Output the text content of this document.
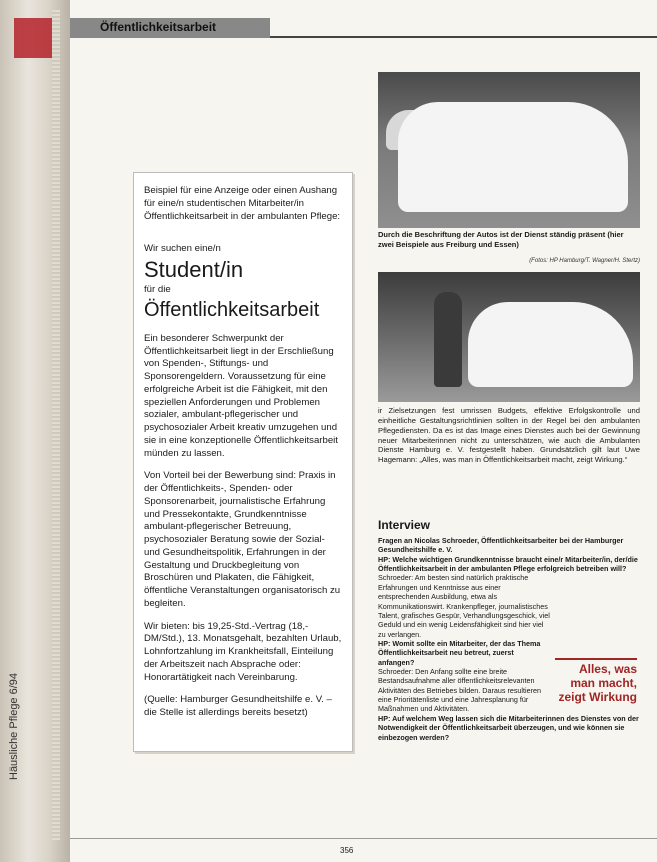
Häusliche Pflege 6/94
Öffentlichkeitsarbeit

Beispiel für eine Anzeige oder einen Aushang für eine/n studentischen Mitarbeiter/in Öffentlichkeitsarbeit in der ambulanten Pflege:

Wir suchen eine/n

Student/in

für die

Öffentlichkeitsarbeit

Ein besonderer Schwerpunkt der Öffentlichkeitsarbeit liegt in der Erschließung von Spenden-, Stiftungs- und Sponsorengeldern. Voraussetzung für eine erfolgreiche Arbeit ist die Fähigkeit, mit den speziellen Anforderungen und Problemen sozialer, ambulant-pflegerischer und psychosozialer Arbeit kreativ umzugehen und sie in eine konzeptionelle Öffentlichkeitsarbeit münden zu lassen.

Von Vorteil bei der Bewerbung sind: Praxis in der Öffentlichkeits-, Spenden- oder Sponsorenarbeit, journalistische Erfahrung und Pressekontakte, Grundkenntnisse ambulant-pflegerischer Betreuung, psychosozialer Beratung sowie der Sozial- und Gesundheitspolitik, Erfahrungen in der Gestaltung und Druckbegleitung von Broschüren und Plakaten, die Fähigkeit, öffentliche Veranstaltungen organisatorisch zu begleiten.

Wir bieten: bis 19,25-Std.-Vertrag (18,- DM/Std.), 13. Monatsgehalt, bezahlten Urlaub, Lohnfortzahlung im Krankheitsfall, Einteilung der Arbeitszeit nach Absprache oder: Honorartätigkeit nach Vereinbarung.

(Quelle: Hamburger Gesundheitshilfe e. V. – die Stelle ist allerdings bereits besetzt)

Durch die Beschriftung der Autos ist der Dienst ständig präsent (hier zwei Beispiele aus Freiburg und Essen)
(Fotos: HP Hamburg/T. Wagner/H. Stertz)
ir Zielsetzungen fest umrissen Budgets, effektive Erfolgskontrolle und einheitliche Gestaltungsrichtlinien sollten in der Regel bei den ambulanten Pflegediensten. Da es ist das Image eines Dienstes auch bei der Gewinnung neuer Mitarbeiterinnen nicht zu unterschätzen, wie auch die Ambulanten Dienste Hamburg e. V. festgestellt haben. Grundsätzlich gilt laut Uwe Hagemann: „Alles, was man in Öffentlichkeitsarbeit macht, zeigt Wirkung.“
Interview

Fragen an Nicolas Schroeder, Öffentlichkeitsarbeiter bei der Hamburger Gesundheitshilfe e. V.

HP: Welche wichtigen Grundkenntnisse braucht eine/r Mitarbeiter/in, der/die Öffentlichkeitsarbeit in der ambulanten Pflege erfolgreich betreiben will?

Schroeder: Am besten sind natürlich praktische Erfahrungen und Kenntnisse aus einer entsprechenden Ausbildung, etwa als Kommunikationswirt. Krankenpfleger, journalistisches Talent, grafisches Gespür, Verhandlungsgeschick, viel Geduld und ein wenig Leidensfähigkeit sind hier viel zu verlangen.

HP: Womit sollte ein Mitarbeiter, der das Thema Öffentlichkeitsarbeit neu betreut, zuerst anfangen?

Schroeder: Den Anfang sollte eine breite Bestandsaufnahme aller öffentlichkeitsrelevanten Aktivitäten des Betriebes bilden. Daraus resultieren eine Prioritätenliste und eine Jahresplanung für Maßnahmen und Aktivitäten.

HP: Auf welchem Weg lassen sich die Mitarbeiterinnen des Dienstes von der Notwendigkeit der Öffentlichkeitsarbeit überzeugen, und wie können sie einbezogen werden?

Alles, was man macht, zeigt Wirkung
356
